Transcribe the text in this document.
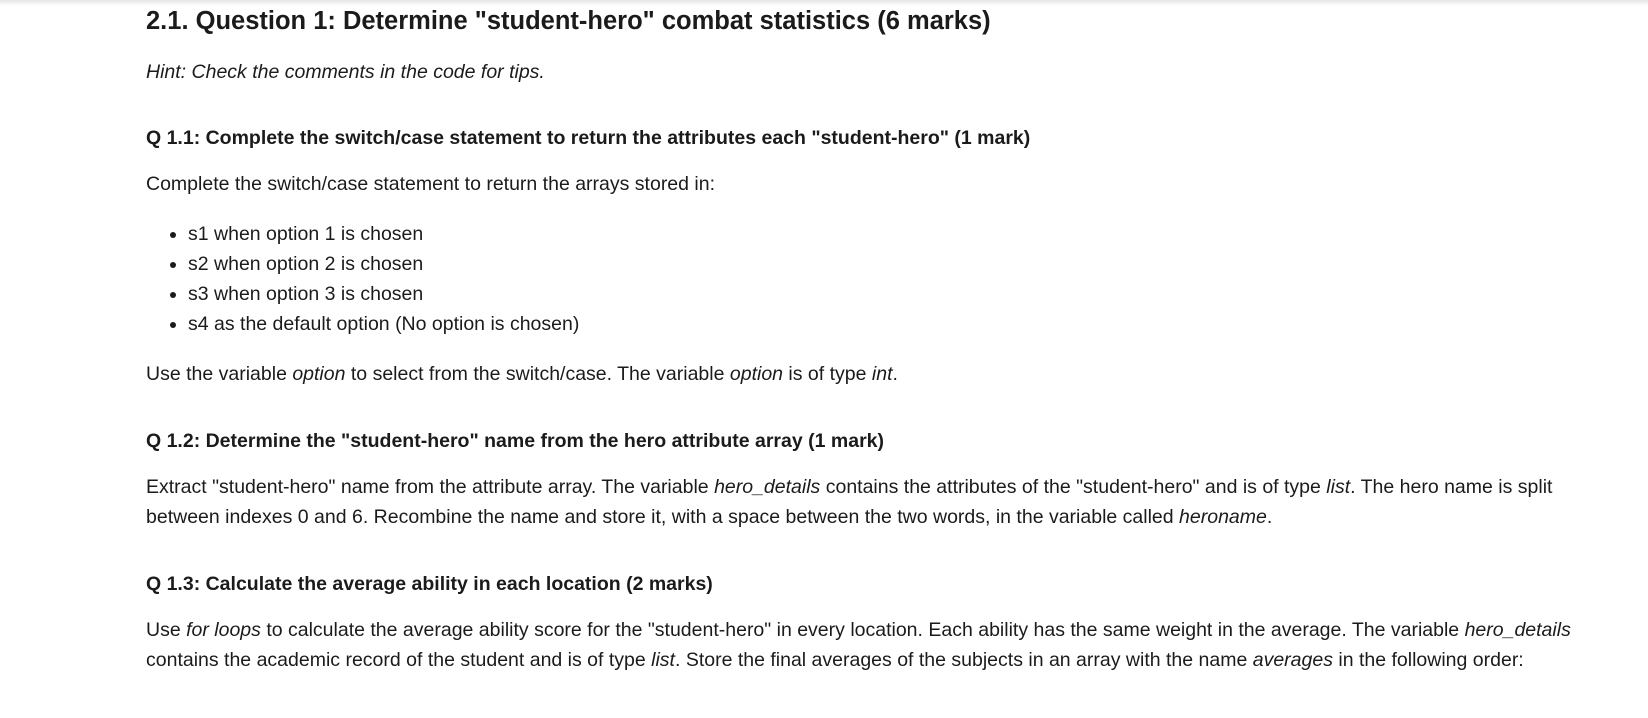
2.1. Question 1: Determine "student-hero" combat statistics (6 marks)

Hint: Check the comments in the code for tips.

Q 1.1: Complete the switch/case statement to return the attributes each "student-hero" (1 mark)

Complete the switch/case statement to return the arrays stored in:

• s1 when option 1 is chosen
• s2 when option 2 is chosen
• s3 when option 3 is chosen
• s4 as the default option (No option is chosen)

Use the variable option to select from the switch/case. The variable option is of type int.

Q 1.2: Determine the "student-hero" name from the hero attribute array (1 mark)

Extract "student-hero" name from the attribute array. The variable hero_details contains the attributes of the "student-hero" and is of type list. The hero name is split between indexes 0 and 6. Recombine the name and store it, with a space between the two words, in the variable called heroname.

Q 1.3: Calculate the average ability in each location (2 marks)

Use for loops to calculate the average ability score for the "student-hero" in every location. Each ability has the same weight in the average. The variable hero_details contains the academic record of the student and is of type list. Store the final averages of the subjects in an array with the name averages in the following order:
